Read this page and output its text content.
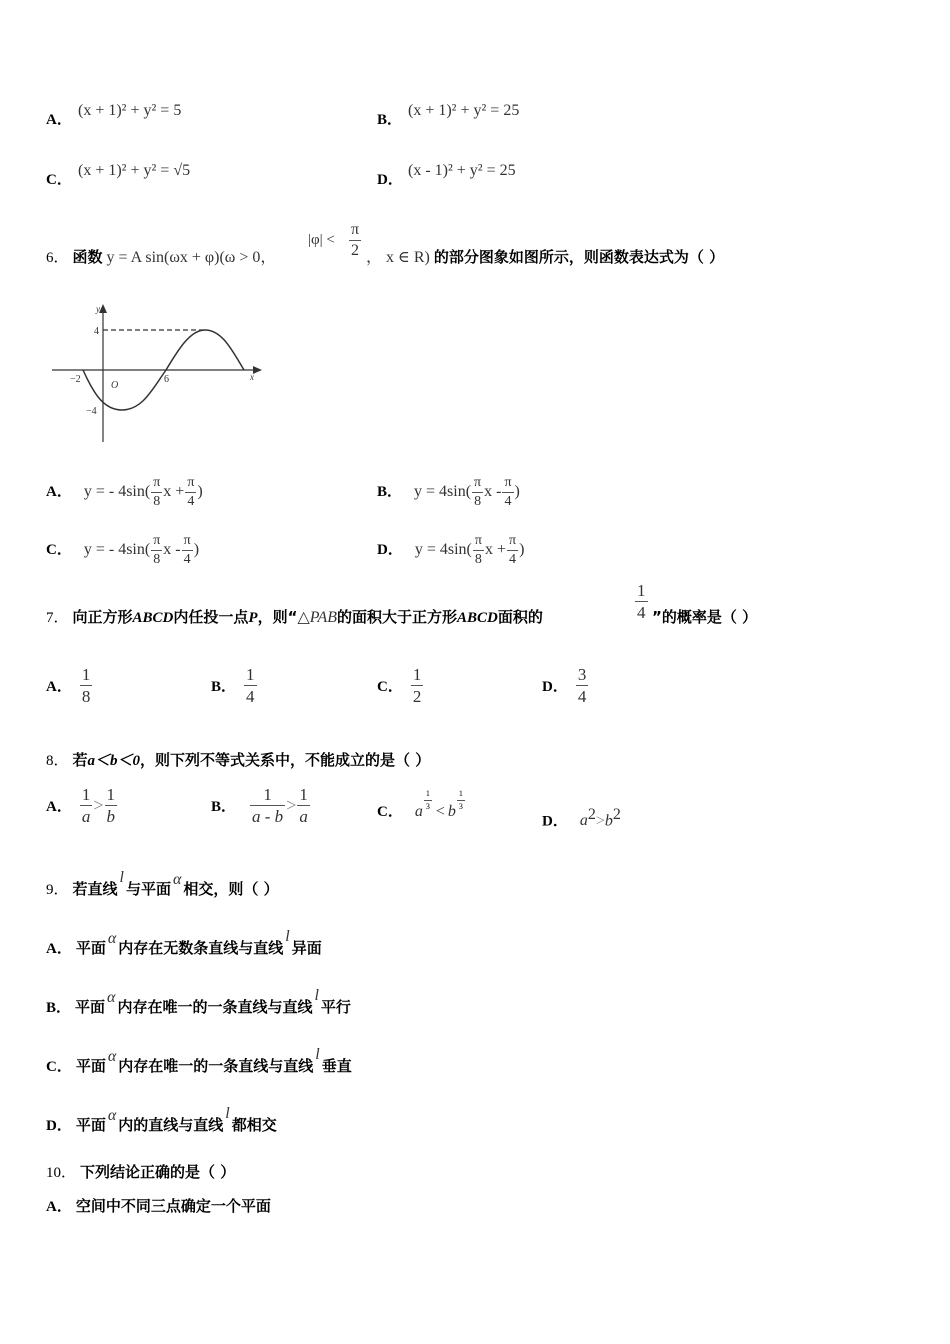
A．
(x + 1)² + y² = 5
B．
(x + 1)² + y² = 25
C．
(x + 1)² + y² = √5
D．
(x - 1)² + y² = 25
6． 函数 y = A sin(ωx + φ)(ω > 0，
$|\varphi| < \frac{\pi}{2}$ ， x ∈ R) 的部分图象如图所示，则函数表达式为（ ）
y
x
O
4
−4
−2	6
A． y = - $4\sin( \frac{\pi}{8}$ $x + \frac{\pi}{4}$ )	B． $y = 4\sin( \frac{\pi}{8}$ x - $\frac{\pi}{4}$ )
C． y = - $4\sin( \frac{\pi}{8}$ x - $\frac{\pi}{4}$ )	D． $y = 4\sin( \frac{\pi}{8}$ $x + \frac{\pi}{4}$ )
7． 向正方形ABCD内任投一点P，则“△PAB的面积大于正方形ABCD面积的	$\frac{1}{4}$ ”的概率是（ ）
A． $\frac{1}{8}$	B． $\frac{1}{4}$	C． $\frac{1}{2}$	D． $\frac{3}{4}$
8． 若a＜b＜0，则下列不等式关系中，不能成立的是（ ）
A． $\frac{1}{a} > \frac{1}{b}$	B． $\frac{1}{a - b} > \frac{1}{a}$	C． a
$\frac{1}{3}$
< b
$\frac{1}{3}$
D． $a^2>b^2$
9． 若直线l与平面α相交，则（ ）
A． 平面α内存在无数条直线与直线l异面
B． 平面α内存在唯一的一条直线与直线l平行
C． 平面α内存在唯一的一条直线与直线l垂直
D． 平面α内的直线与直线l都相交
10． 下列结论正确的是（ ）
A． 空间中不同三点确定一个平面
